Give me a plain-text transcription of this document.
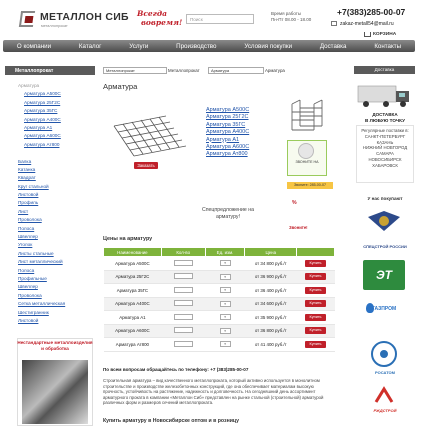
МЕТАЛЛОН СИБ
металлопрокат
Всегда
вовремя!	Поиск
Время работы
Пн-Пт 08.00 - 18.00
+7(383)285-00-07
zakaz-metall54@mail.ru
КОРЗИНА
О компании	Каталог	Услуги	Производство	Условия покупки	Доставка	Контакты
Металлопрокат
Арматура
Арматура А500С
Арматура 25Г2С
Арматура 35ГС
Арматура А400С
Арматура А1
Арматура А600С
Арматура Ат800
Балка
Катанка
Квадрат
Круг стальной
Листовой
Профиль
Лист
Проволока
Полоса
Швеллер
Уголок
Листы стальные
Лист металлический
Полоса
Профильные
Швеллер
Проволока
Сетка металлическая
Шестигранник
Листовой
Нестандартные металлоизделия и обработка
Металлопрокат	Металлопрокат	Арматура	Арматура
Арматура
Заказать
Арматура А500С
Арматура 25Г2С
Арматура 35ГС
Арматура А400С
Арматура А1
Арматура А600С
Арматура Ат800
ЗВОНИТЕ НА
Звоните: 285-00-07
%
Спецпредложение на арматуру!
Звоните!
Цены на арматуру
Наименование	Кол-во	Ед. изм.	Цена	
Арматура А500С		т	от 34 800 руб./т	Купить
Арматура 25Г2С		т	от 36 900 руб./т	Купить
Арматура 35ГС		т	от 36 400 руб./т	Купить
Арматура А400С		т	от 34 600 руб./т	Купить
Арматура А1		т	от 35 900 руб./т	Купить
Арматура А600С		т	от 36 800 руб./т	Купить
Арматура Ат800		т	от 41 400 руб./т	Купить
По всем вопросам обращайтесь по телефону: +7 (383)285-00-07
Строительная арматура – вид качественного металлопроката, который активно используется в монолитном строительстве и производстве железобетонных конструкций, где она обеспечивает материалам высокую прочность, устойчивость на растяжение, надежность и долговечность. На сегодняшний день ассортимент арматурного проката в компании «Металлон Сиб» представлен на рынке стальной (строительной) арматурой различных форм и размеров сечений металлопроката.
Купить арматуру в Новосибирске оптом и в розницу
Доставка
ДОСТАВКА
В ЛЮБУЮ ТОЧКУ
Регулярные поставки в:
САНКТ-ПЕТЕРБУРГ
КАЗАНЬ
НИЖНИЙ НОВГОРОД
САМАРА
НОВОСИБИРСК
ХАБАРОВСК
У нас покупают
СПЕЦСТРОЙ РОССИИ
ЭТ
ГАЗПРОМ
РОСАТОМ
РЖДСТРОЙ
